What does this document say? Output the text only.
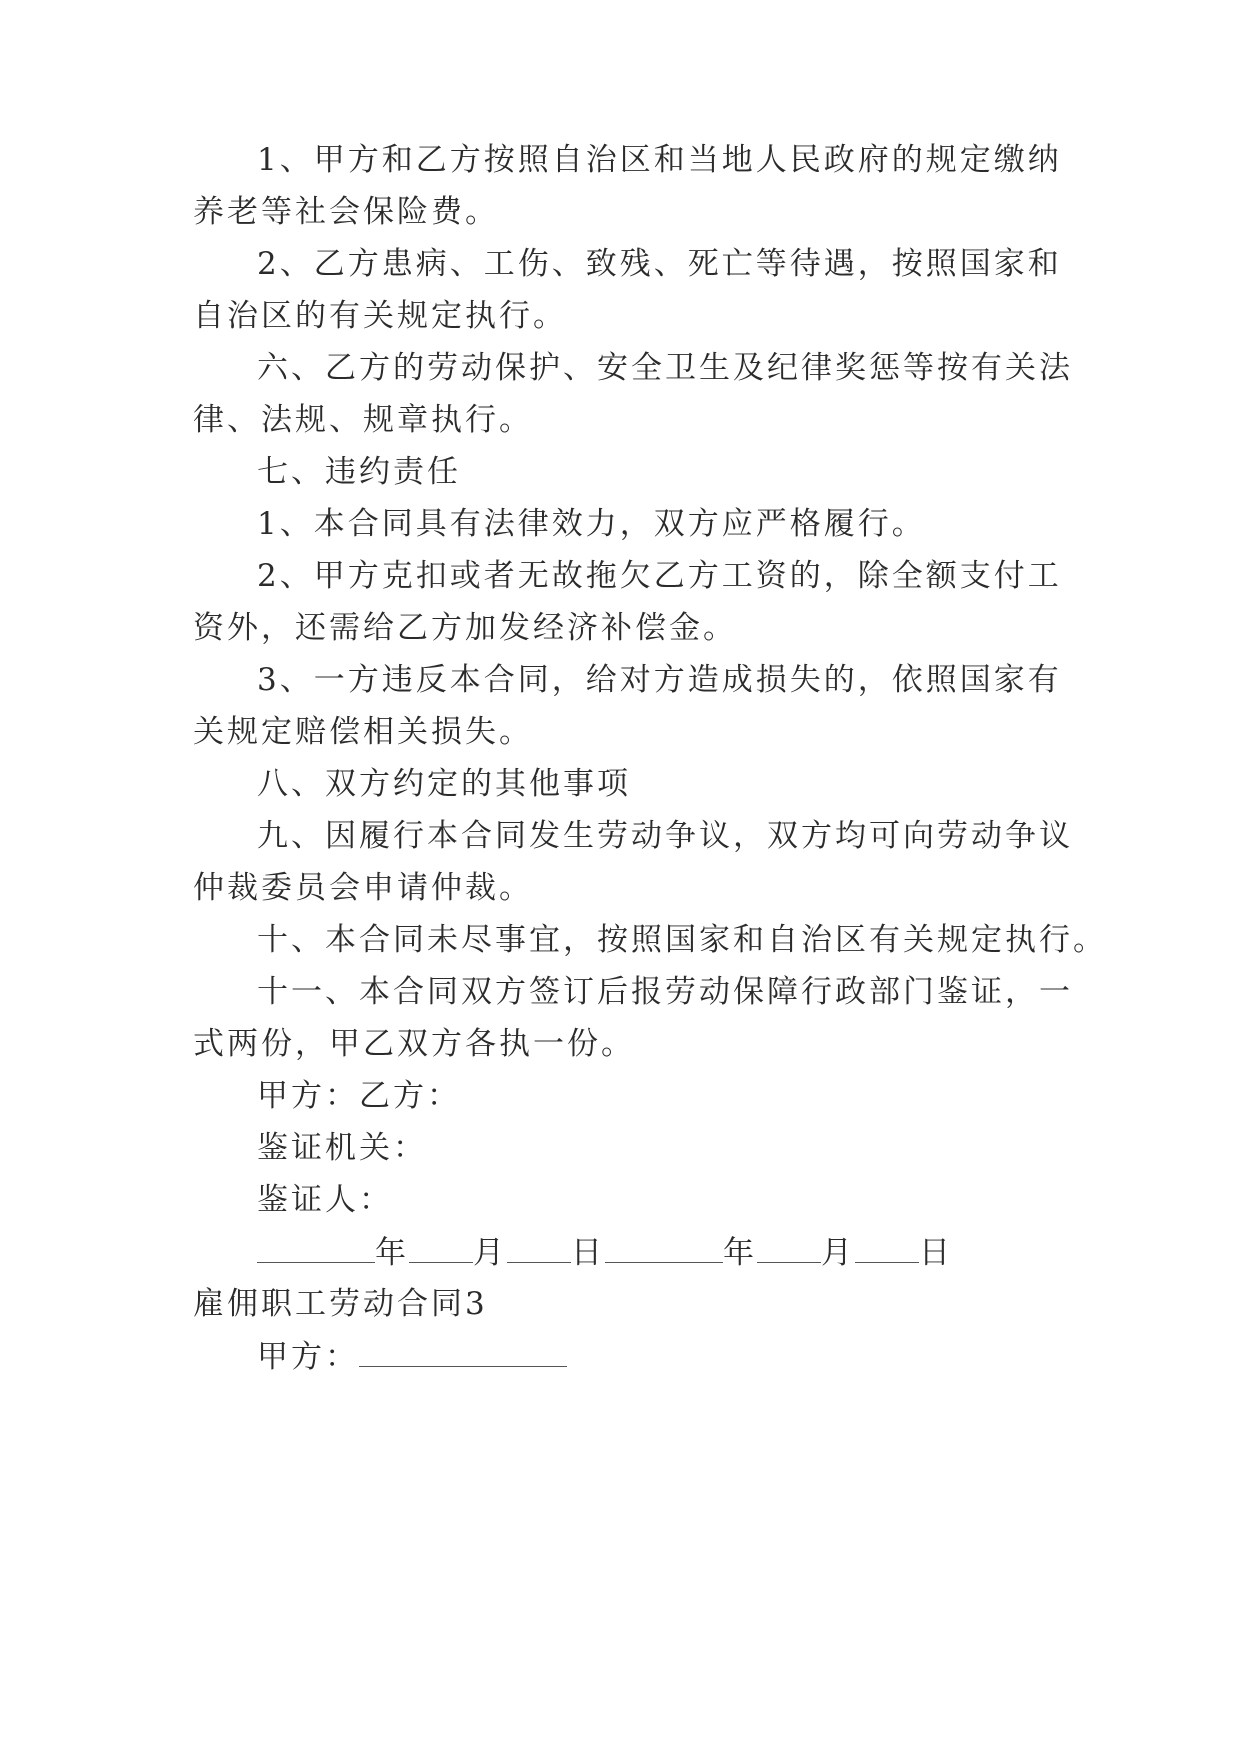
1、甲方和乙方按照自治区和当地人民政府的规定缴纳
养老等社会保险费。
2、乙方患病、工伤、致残、死亡等待遇，按照国家和
自治区的有关规定执行。
六、乙方的劳动保护、安全卫生及纪律奖惩等按有关法
律、法规、规章执行。
七、违约责任
1、本合同具有法律效力，双方应严格履行。
2、甲方克扣或者无故拖欠乙方工资的，除全额支付工
资外，还需给乙方加发经济补偿金。
3、一方违反本合同，给对方造成损失的，依照国家有
关规定赔偿相关损失。
八、双方约定的其他事项
九、因履行本合同发生劳动争议，双方均可向劳动争议
仲裁委员会申请仲裁。
十、本合同未尽事宜，按照国家和自治区有关规定执行。
十一、本合同双方签订后报劳动保障行政部门鉴证，一
式两份，甲乙双方各执一份。
甲方：乙方：
鉴证机关：
鉴证人：
年 月 日	年 月 日
雇佣职工劳动合同3
甲方：
